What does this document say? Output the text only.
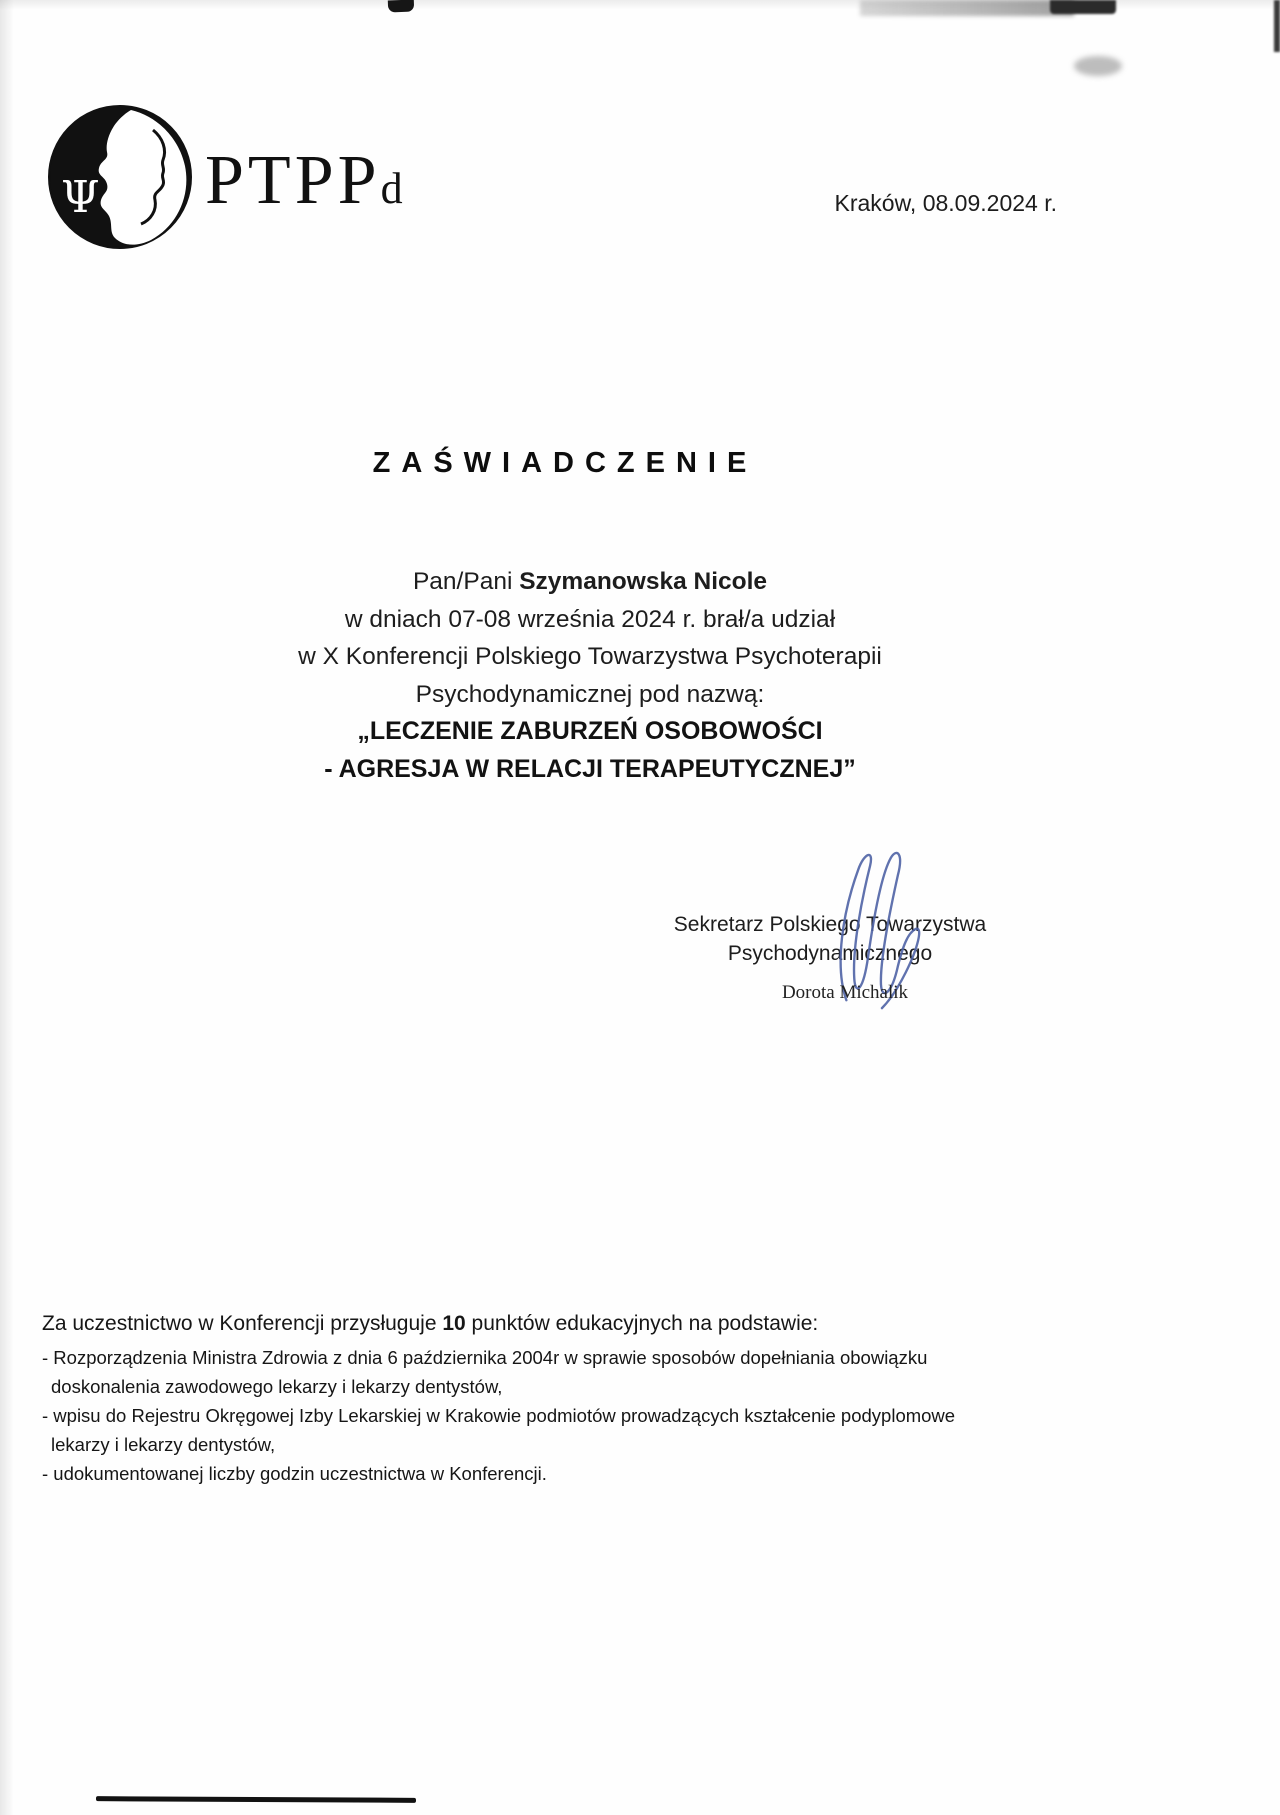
Ψ PTPPd	Kraków, 08.09.2024 r.
ZAŚWIADCZENIE
Pan/Pani Szymanowska Nicole
w dniach 07-08 września 2024 r. brał/a udział
w X Konferencji Polskiego Towarzystwa Psychoterapii
Psychodynamicznej pod nazwą:
„LECZENIE ZABURZEŃ OSOBOWOŚCI
- AGRESJA W RELACJI TERAPEUTYCZNEJ”
Sekretarz Polskiego Towarzystwa
Psychodynamicznego
Dorota Michalik
Za uczestnictwo w Konferencji przysługuje 10 punktów edukacyjnych na podstawie:
- Rozporządzenia Ministra Zdrowia z dnia 6 października 2004r w sprawie sposobów dopełniania obowiązku doskonalenia zawodowego lekarzy i lekarzy dentystów,
- wpisu do Rejestru Okręgowej Izby Lekarskiej w Krakowie podmiotów prowadzących kształcenie podyplomowe lekarzy i lekarzy dentystów,
- udokumentowanej liczby godzin uczestnictwa w Konferencji.
